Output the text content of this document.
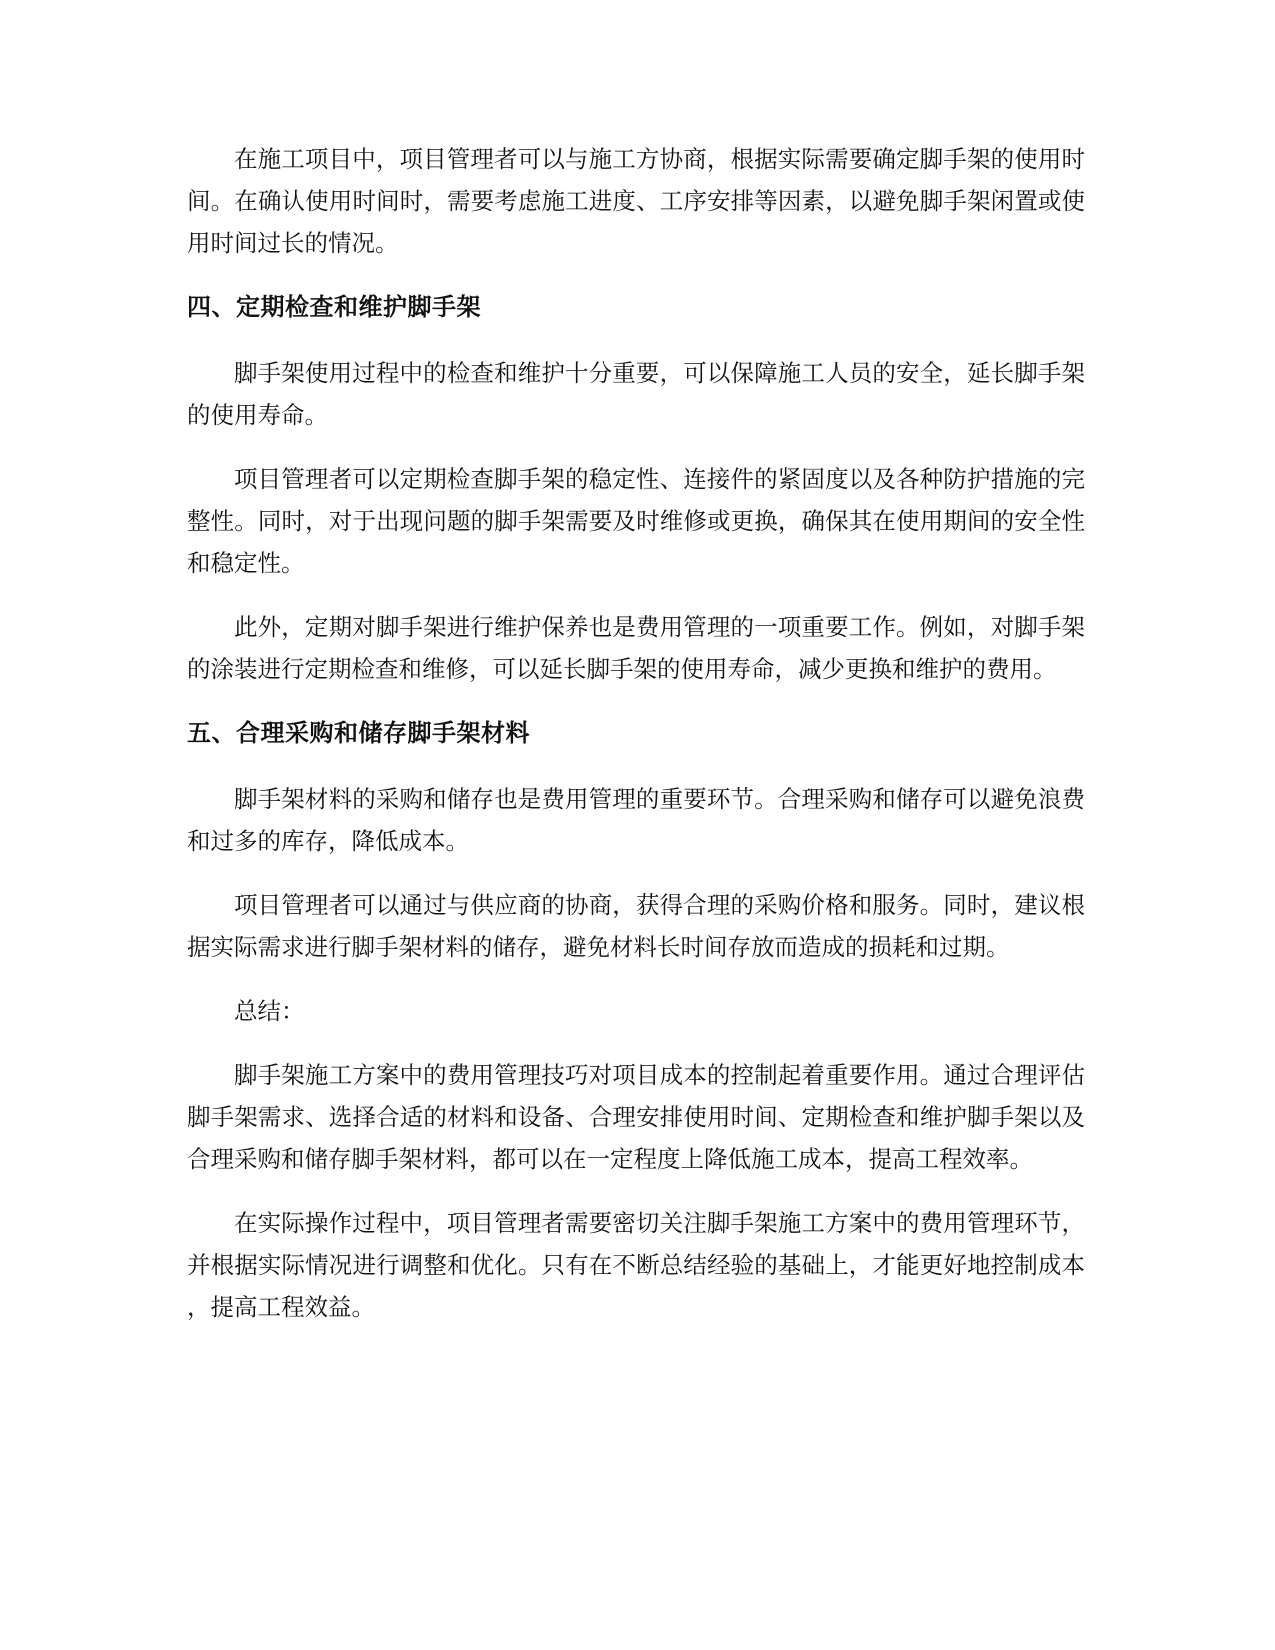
在施工项目中，项目管理者可以与施工方协商，根据实际需要确定脚手架的使用时间。在确认使用时间时，需要考虑施工进度、工序安排等因素，以避免脚手架闲置或使用时间过长的情况。

四、定期检查和维护脚手架

脚手架使用过程中的检查和维护十分重要，可以保障施工人员的安全，延长脚手架的使用寿命。

项目管理者可以定期检查脚手架的稳定性、连接件的紧固度以及各种防护措施的完整性。同时，对于出现问题的脚手架需要及时维修或更换，确保其在使用期间的安全性和稳定性。

此外，定期对脚手架进行维护保养也是费用管理的一项重要工作。例如，对脚手架的涂装进行定期检查和维修，可以延长脚手架的使用寿命，减少更换和维护的费用。

五、合理采购和储存脚手架材料

脚手架材料的采购和储存也是费用管理的重要环节。合理采购和储存可以避免浪费和过多的库存，降低成本。

项目管理者可以通过与供应商的协商，获得合理的采购价格和服务。同时，建议根据实际需求进行脚手架材料的储存，避免材料长时间存放而造成的损耗和过期。

总结：

脚手架施工方案中的费用管理技巧对项目成本的控制起着重要作用。通过合理评估脚手架需求、选择合适的材料和设备、合理安排使用时间、定期检查和维护脚手架以及合理采购和储存脚手架材料，都可以在一定程度上降低施工成本，提高工程效率。

在实际操作过程中，项目管理者需要密切关注脚手架施工方案中的费用管理环节，并根据实际情况进行调整和优化。只有在不断总结经验的基础上，才能更好地控制成本，提高工程效益。
